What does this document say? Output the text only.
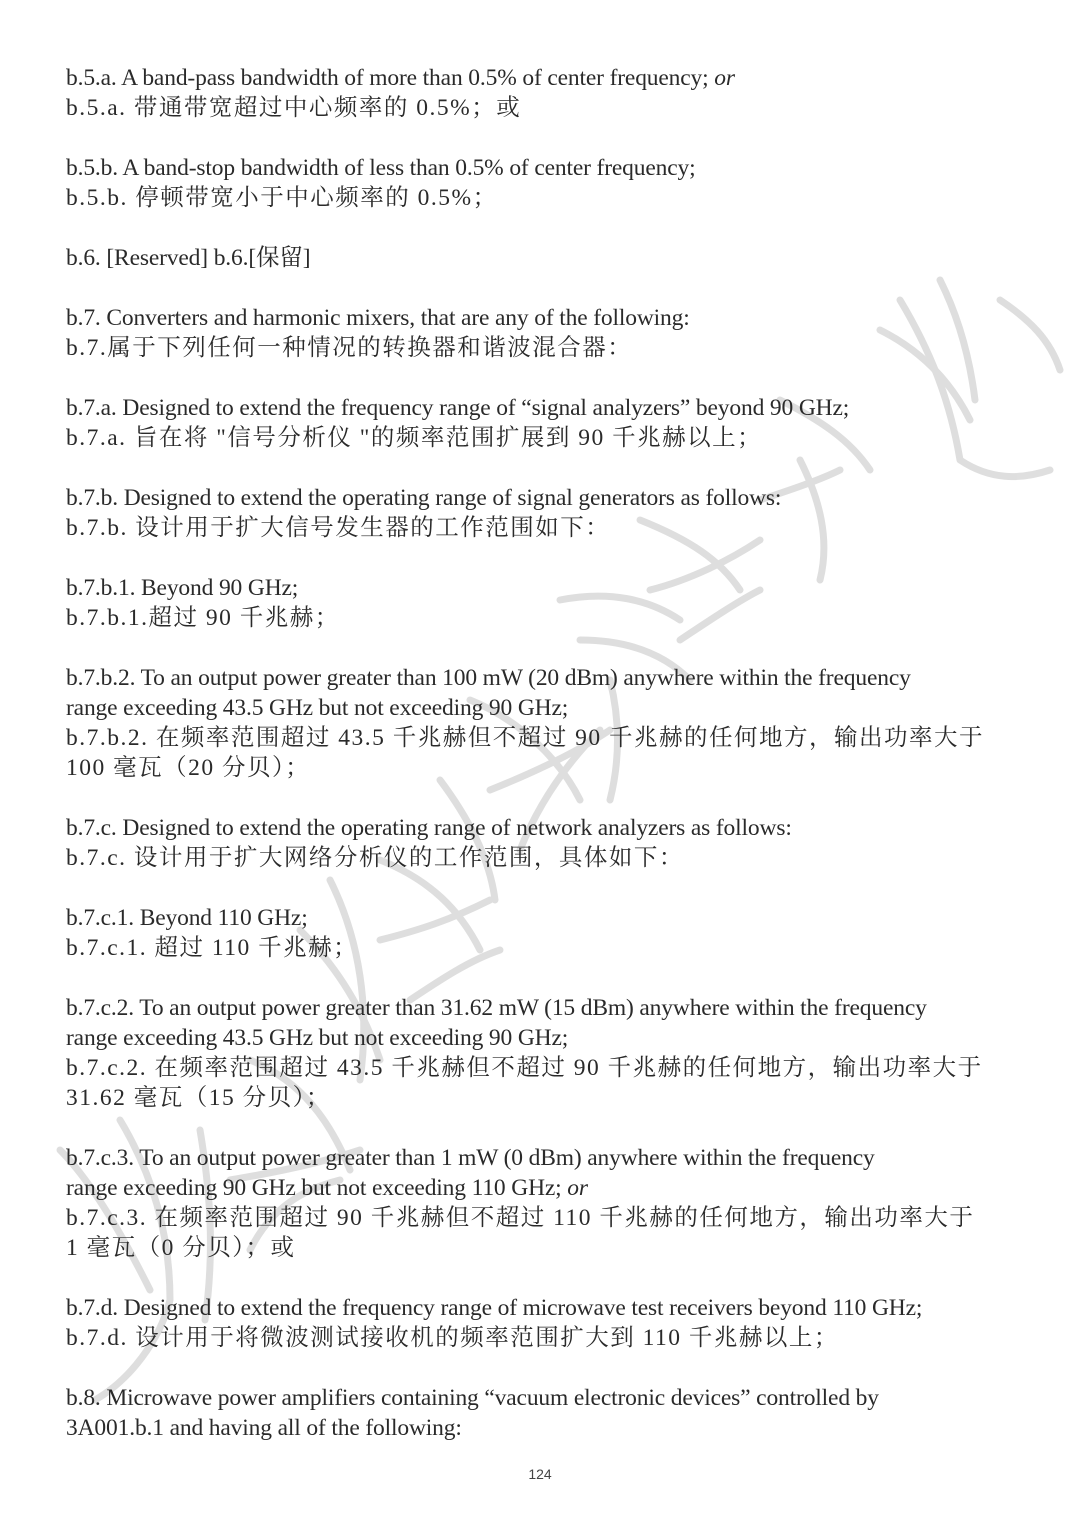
b.5.a. A band-pass bandwidth of more than 0.5% of center frequency; or
b.5.a. 带通带宽超过中心频率的 0.5%；或
b.5.b. A band-stop bandwidth of less than 0.5% of center frequency;
b.5.b. 停顿带宽小于中心频率的 0.5%；
b.6. [Reserved] b.6.[保留]
b.7. Converters and harmonic mixers, that are any of the following:
b.7.属于下列任何一种情况的转换器和谐波混合器：
b.7.a. Designed to extend the frequency range of “signal analyzers” beyond 90 GHz;
b.7.a. 旨在将 "信号分析仪 "的频率范围扩展到 90 千兆赫以上；
b.7.b. Designed to extend the operating range of signal generators as follows:
b.7.b. 设计用于扩大信号发生器的工作范围如下：
b.7.b.1. Beyond 90 GHz;
b.7.b.1.超过 90 千兆赫；
b.7.b.2. To an output power greater than 100 mW (20 dBm) anywhere within the frequency
range exceeding 43.5 GHz but not exceeding 90 GHz;
b.7.b.2. 在频率范围超过 43.5 千兆赫但不超过 90 千兆赫的任何地方，输出功率大于
100 毫瓦（20 分贝）；
b.7.c. Designed to extend the operating range of network analyzers as follows:
b.7.c. 设计用于扩大网络分析仪的工作范围，具体如下：
b.7.c.1. Beyond 110 GHz;
b.7.c.1. 超过 110 千兆赫；
b.7.c.2. To an output power greater than 31.62 mW (15 dBm) anywhere within the frequency
range exceeding 43.5 GHz but not exceeding 90 GHz;
b.7.c.2. 在频率范围超过 43.5 千兆赫但不超过 90 千兆赫的任何地方，输出功率大于
31.62 毫瓦（15 分贝）；
b.7.c.3. To an output power greater than 1 mW (0 dBm) anywhere within the frequency
range exceeding 90 GHz but not exceeding 110 GHz; or
b.7.c.3. 在频率范围超过 90 千兆赫但不超过 110 千兆赫的任何地方，输出功率大于
1 毫瓦（0 分贝）；或
b.7.d. Designed to extend the frequency range of microwave test receivers beyond 110 GHz;
b.7.d. 设计用于将微波测试接收机的频率范围扩大到 110 千兆赫以上；
b.8. Microwave power amplifiers containing “vacuum electronic devices” controlled by
3A001.b.1 and having all of the following:
124
